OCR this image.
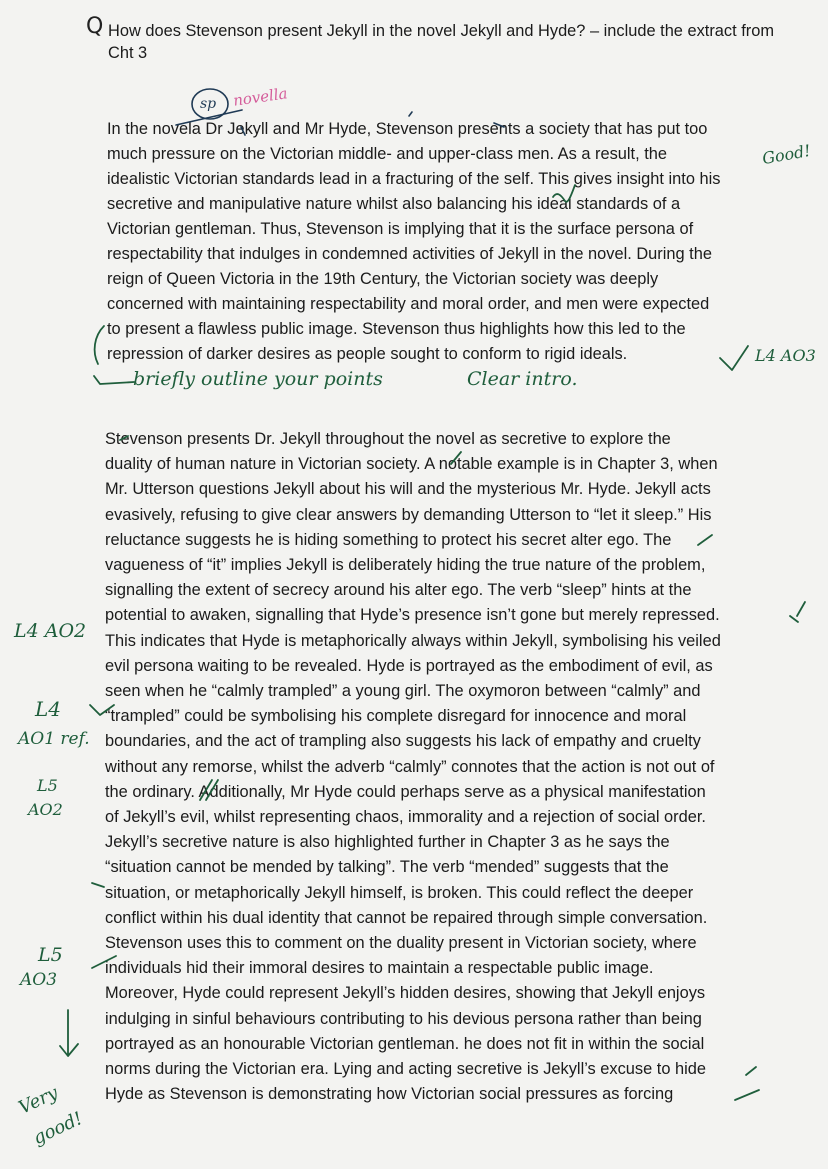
Q How does Stevenson present Jekyll in the novel Jekyll and Hyde? – include the extract from Cht 3

In the novela Dr Jekyll and Mr Hyde, Stevenson presents a society that has put too

much pressure on the Victorian middle- and upper-class men. As a result, the

idealistic Victorian standards lead in a fracturing of the self. This gives insight into his

secretive and manipulative nature whilst also balancing his ideal standards of a

Victorian gentleman. Thus, Stevenson is implying that it is the surface persona of

respectability that indulges in condemned activities of Jekyll in the novel. During the

reign of Queen Victoria in the 19th Century, the Victorian society was deeply

concerned with maintaining respectability and moral order, and men were expected

to present a flawless public image. Stevenson thus highlights how this led to the

repression of darker desires as people sought to conform to rigid ideals.

Stevenson presents Dr. Jekyll throughout the novel as secretive to explore the

duality of human nature in Victorian society. A notable example is in Chapter 3, when

Mr. Utterson questions Jekyll about his will and the mysterious Mr. Hyde. Jekyll acts

evasively, refusing to give clear answers by demanding Utterson to “let it sleep.” His

reluctance suggests he is hiding something to protect his secret alter ego. The

vagueness of “it” implies Jekyll is deliberately hiding the true nature of the problem,

signalling the extent of secrecy around his alter ego. The verb “sleep” hints at the

potential to awaken, signalling that Hyde’s presence isn’t gone but merely repressed.

This indicates that Hyde is metaphorically always within Jekyll, symbolising his veiled

evil persona waiting to be revealed. Hyde is portrayed as the embodiment of evil, as

seen when he “calmly trampled” a young girl. The oxymoron between “calmly” and

“trampled” could be symbolising his complete disregard for innocence and moral

boundaries, and the act of trampling also suggests his lack of empathy and cruelty

without any remorse, whilst the adverb “calmly” connotes that the action is not out of

the ordinary. Additionally, Mr Hyde could perhaps serve as a physical manifestation

of Jekyll’s evil, whilst representing chaos, immorality and a rejection of social order.

Jekyll’s secretive nature is also highlighted further in Chapter 3 as he says the

“situation cannot be mended by talking”. The verb “mended” suggests that the

situation, or metaphorically Jekyll himself, is broken. This could reflect the deeper

conflict within his dual identity that cannot be repaired through simple conversation.

Stevenson uses this to comment on the duality present in Victorian society, where

individuals hid their immoral desires to maintain a respectable public image.

Moreover, Hyde could represent Jekyll’s hidden desires, showing that Jekyll enjoys

indulging in sinful behaviours contributing to his devious persona rather than being

portrayed as an honourable Victorian gentleman. he does not fit in within the social

norms during the Victorian era. Lying and acting secretive is Jekyll’s excuse to hide

Hyde as Stevenson is demonstrating how Victorian social pressures as forcing

sp novella
Good!
L4 AO3
briefly outline your points	Clear intro.
L4 AO2
L4
AO1 ref.
L5
AO2
L5
AO3
Very
good!
